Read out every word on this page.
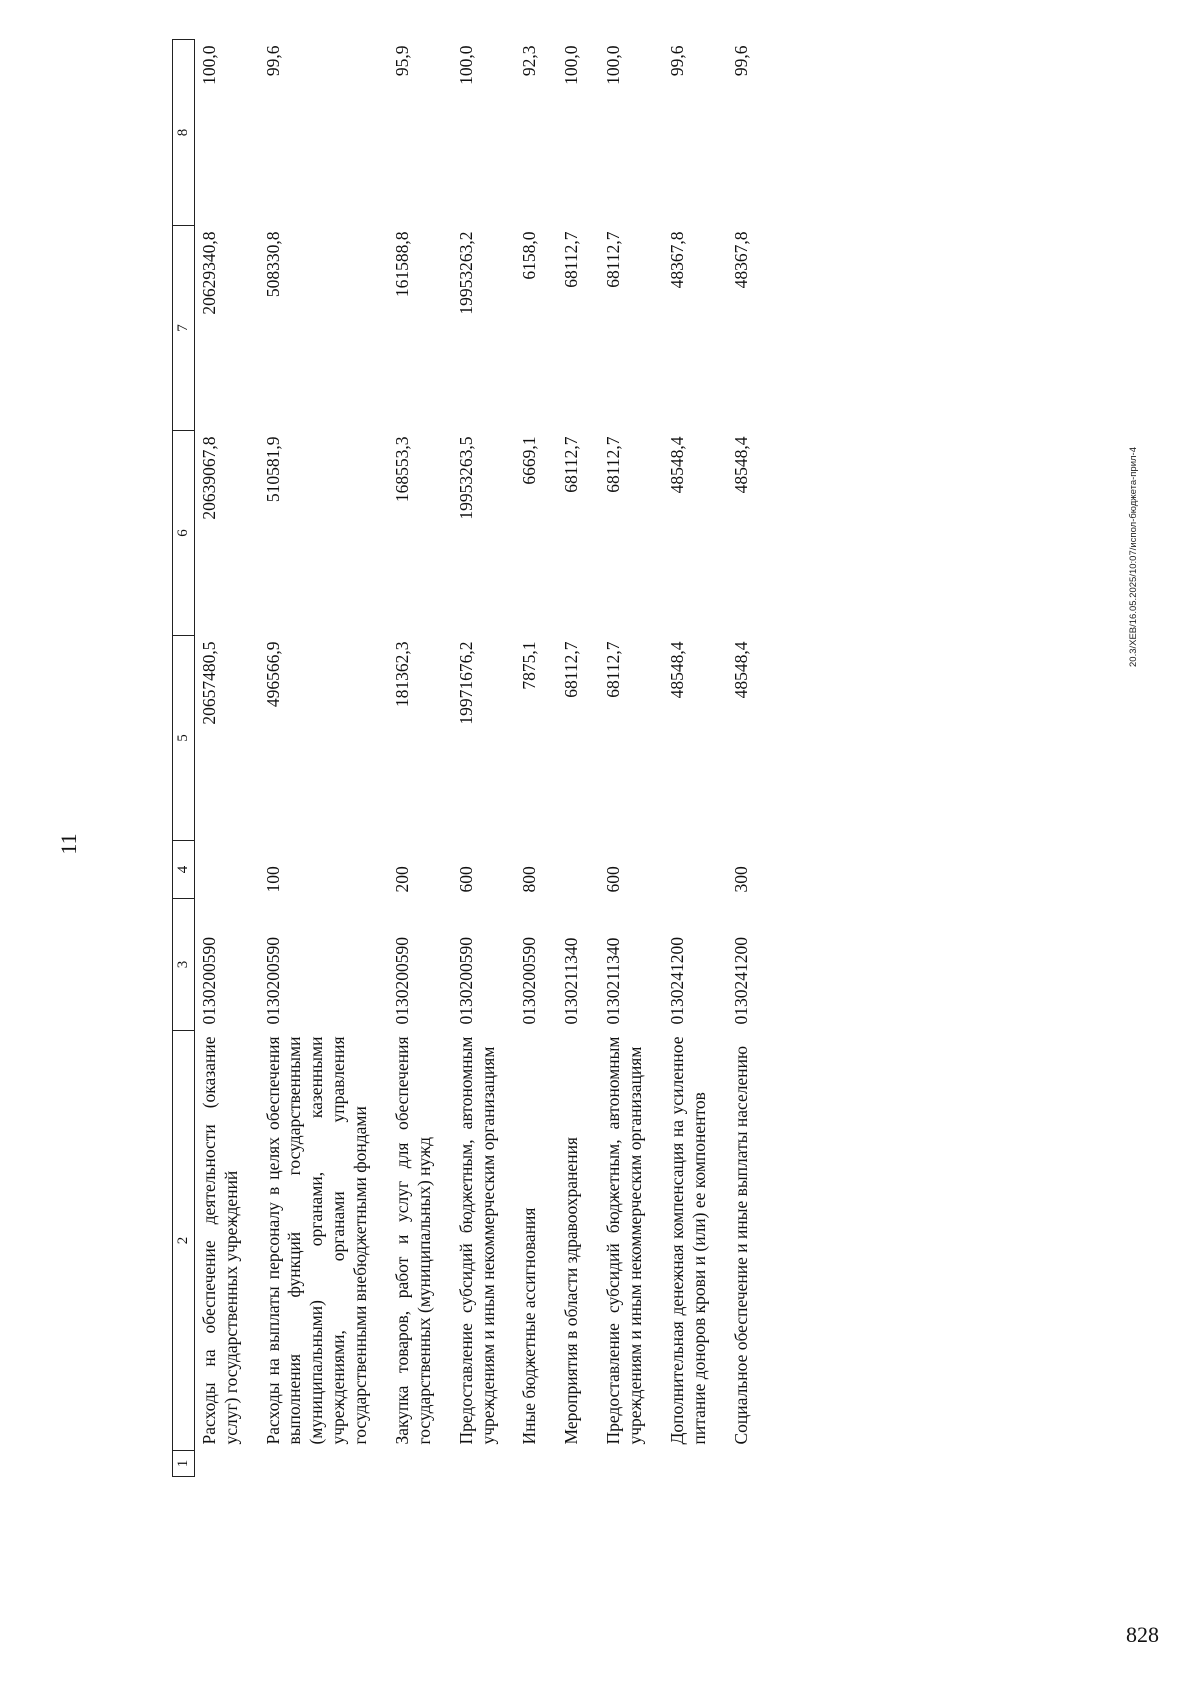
11
1	2	3	4	5	6	7	8
	Расходы на обеспечение деятельности (оказание услуг) государственных учреждений	0130200590		20657480,5	20639067,8	20629340,8	100,0
	Расходы на выплаты персоналу в целях обеспечения выполнения функций государственными (муниципальными) органами, казенными учреждениями, органами управления государственными внебюджетными фондами	0130200590	100	496566,9	510581,9	508330,8	99,6
	Закупка товаров, работ и услуг для обеспечения государственных (муниципальных) нужд	0130200590	200	181362,3	168553,3	161588,8	95,9
	Предоставление субсидий бюджетным, автономным учреждениям и иным некоммерческим организациям	0130200590	600	19971676,2	19953263,5	19953263,2	100,0
	Иные бюджетные ассигнования	0130200590	800	7875,1	6669,1	6158,0	92,3
	Мероприятия в области здравоохранения	0130211340		68112,7	68112,7	68112,7	100,0
	Предоставление субсидий бюджетным, автономным учреждениям и иным некоммерческим организациям	0130211340	600	68112,7	68112,7	68112,7	100,0
	Дополнительная денежная компенсация на усиленное питание доноров крови и (или) ее компонентов	0130241200		48548,4	48548,4	48367,8	99,6
	Социальное обеспечение и иные выплаты населению	0130241200	300	48548,4	48548,4	48367,8	99,6
20.3/XEB/16.05.2025/10:07/испол-бюджета-прил-4
828
